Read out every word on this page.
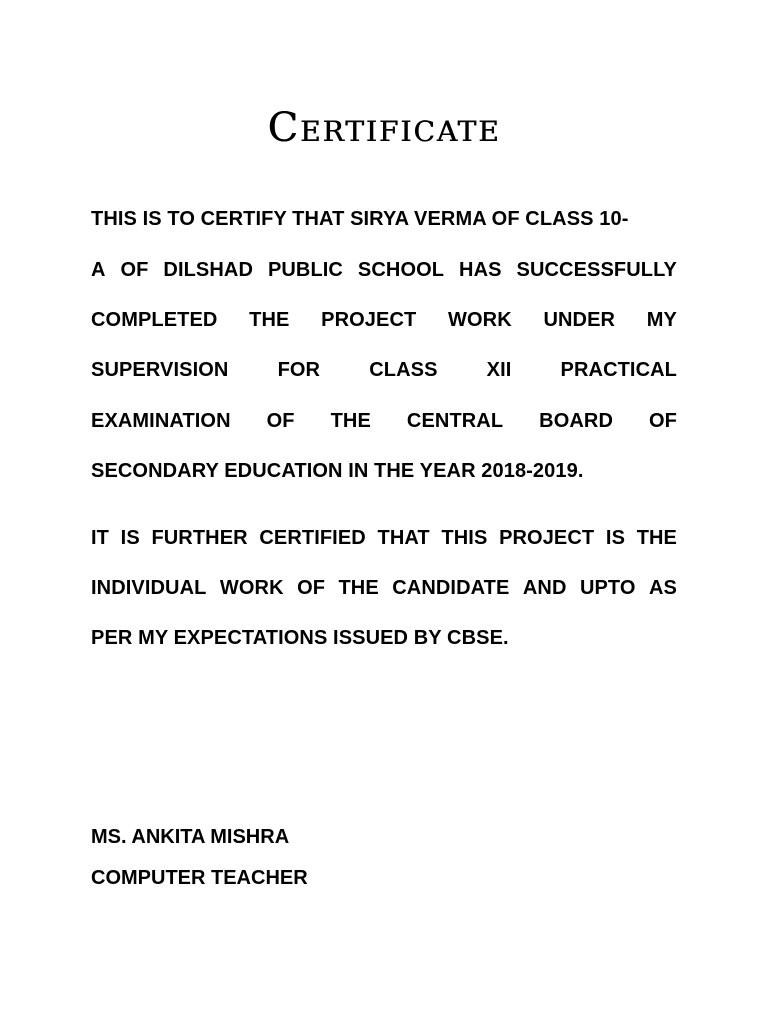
Certificate
THIS IS TO CERTIFY THAT SIRYA VERMA OF CLASS 10-
A OF DILSHAD PUBLIC SCHOOL HAS SUCCESSFULLY
COMPLETED THE PROJECT WORK UNDER MY
SUPERVISION FOR CLASS XII PRACTICAL
EXAMINATION OF THE CENTRAL BOARD OF
SECONDARY EDUCATION IN THE YEAR 2018-2019.
IT IS FURTHER CERTIFIED THAT THIS PROJECT IS THE
INDIVIDUAL WORK OF THE CANDIDATE AND UPTO AS
PER MY EXPECTATIONS ISSUED BY CBSE.
MS. ANKITA MISHRA
COMPUTER TEACHER
